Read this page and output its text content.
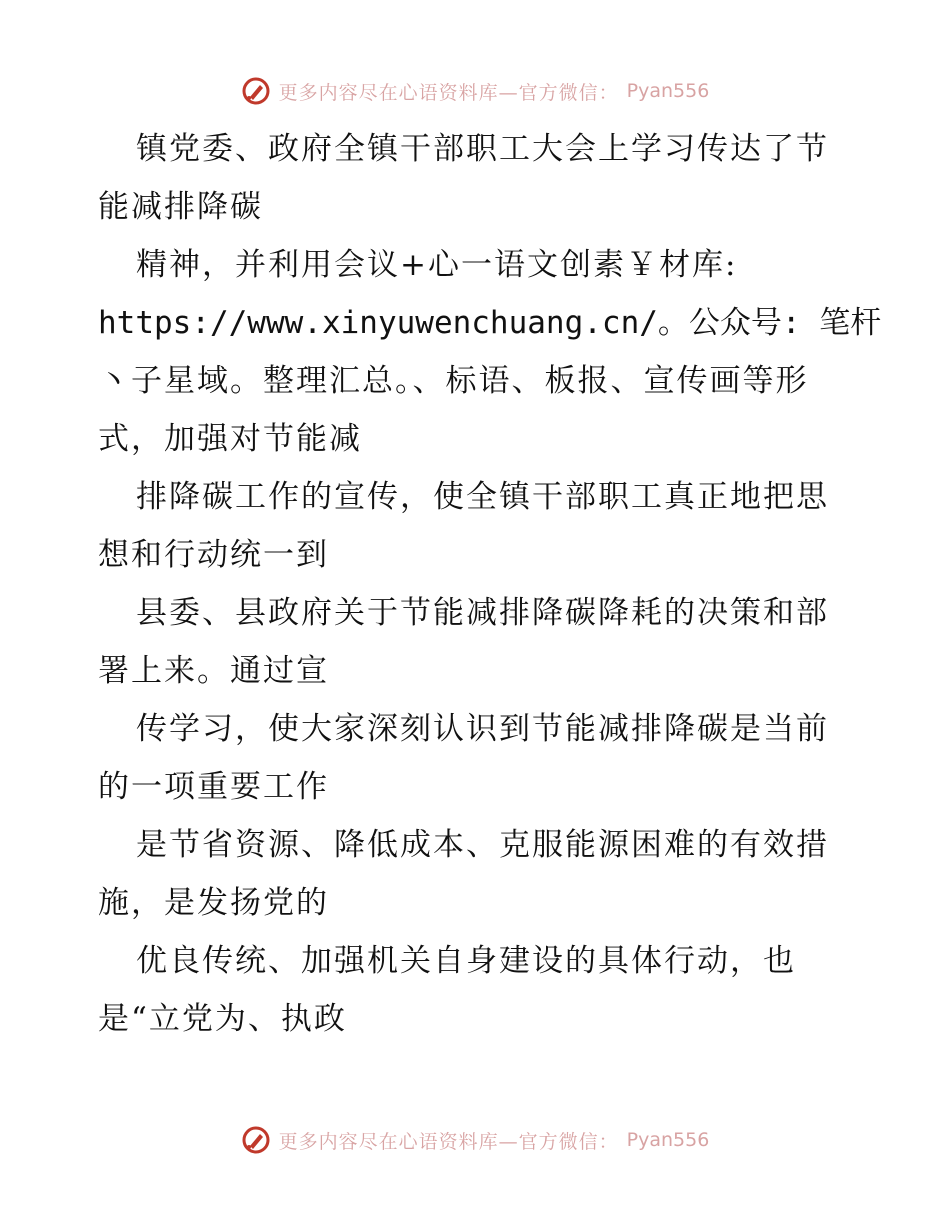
更多内容尽在心语资料库—官方微信： Pyan556
镇党委、政府全镇干部职工大会上学习传达了节
能减排降碳
精神，并利用会议+心一语文创素￥材库:
https://www.xinyuwenchuang.cn/。公众号: 笔杆
丶子星域。整理汇总。、标语、板报、宣传画等形
式，加强对节能减
排降碳工作的宣传，使全镇干部职工真正地把思
想和行动统一到
县委、县政府关于节能减排降碳降耗的决策和部
署上来。通过宣
传学习，使大家深刻认识到节能减排降碳是当前
的一项重要工作
是节省资源、降低成本、克服能源困难的有效措
施，是发扬党的
优良传统、加强机关自身建设的具体行动，也
是“立党为、执政
更多内容尽在心语资料库—官方微信： Pyan556
